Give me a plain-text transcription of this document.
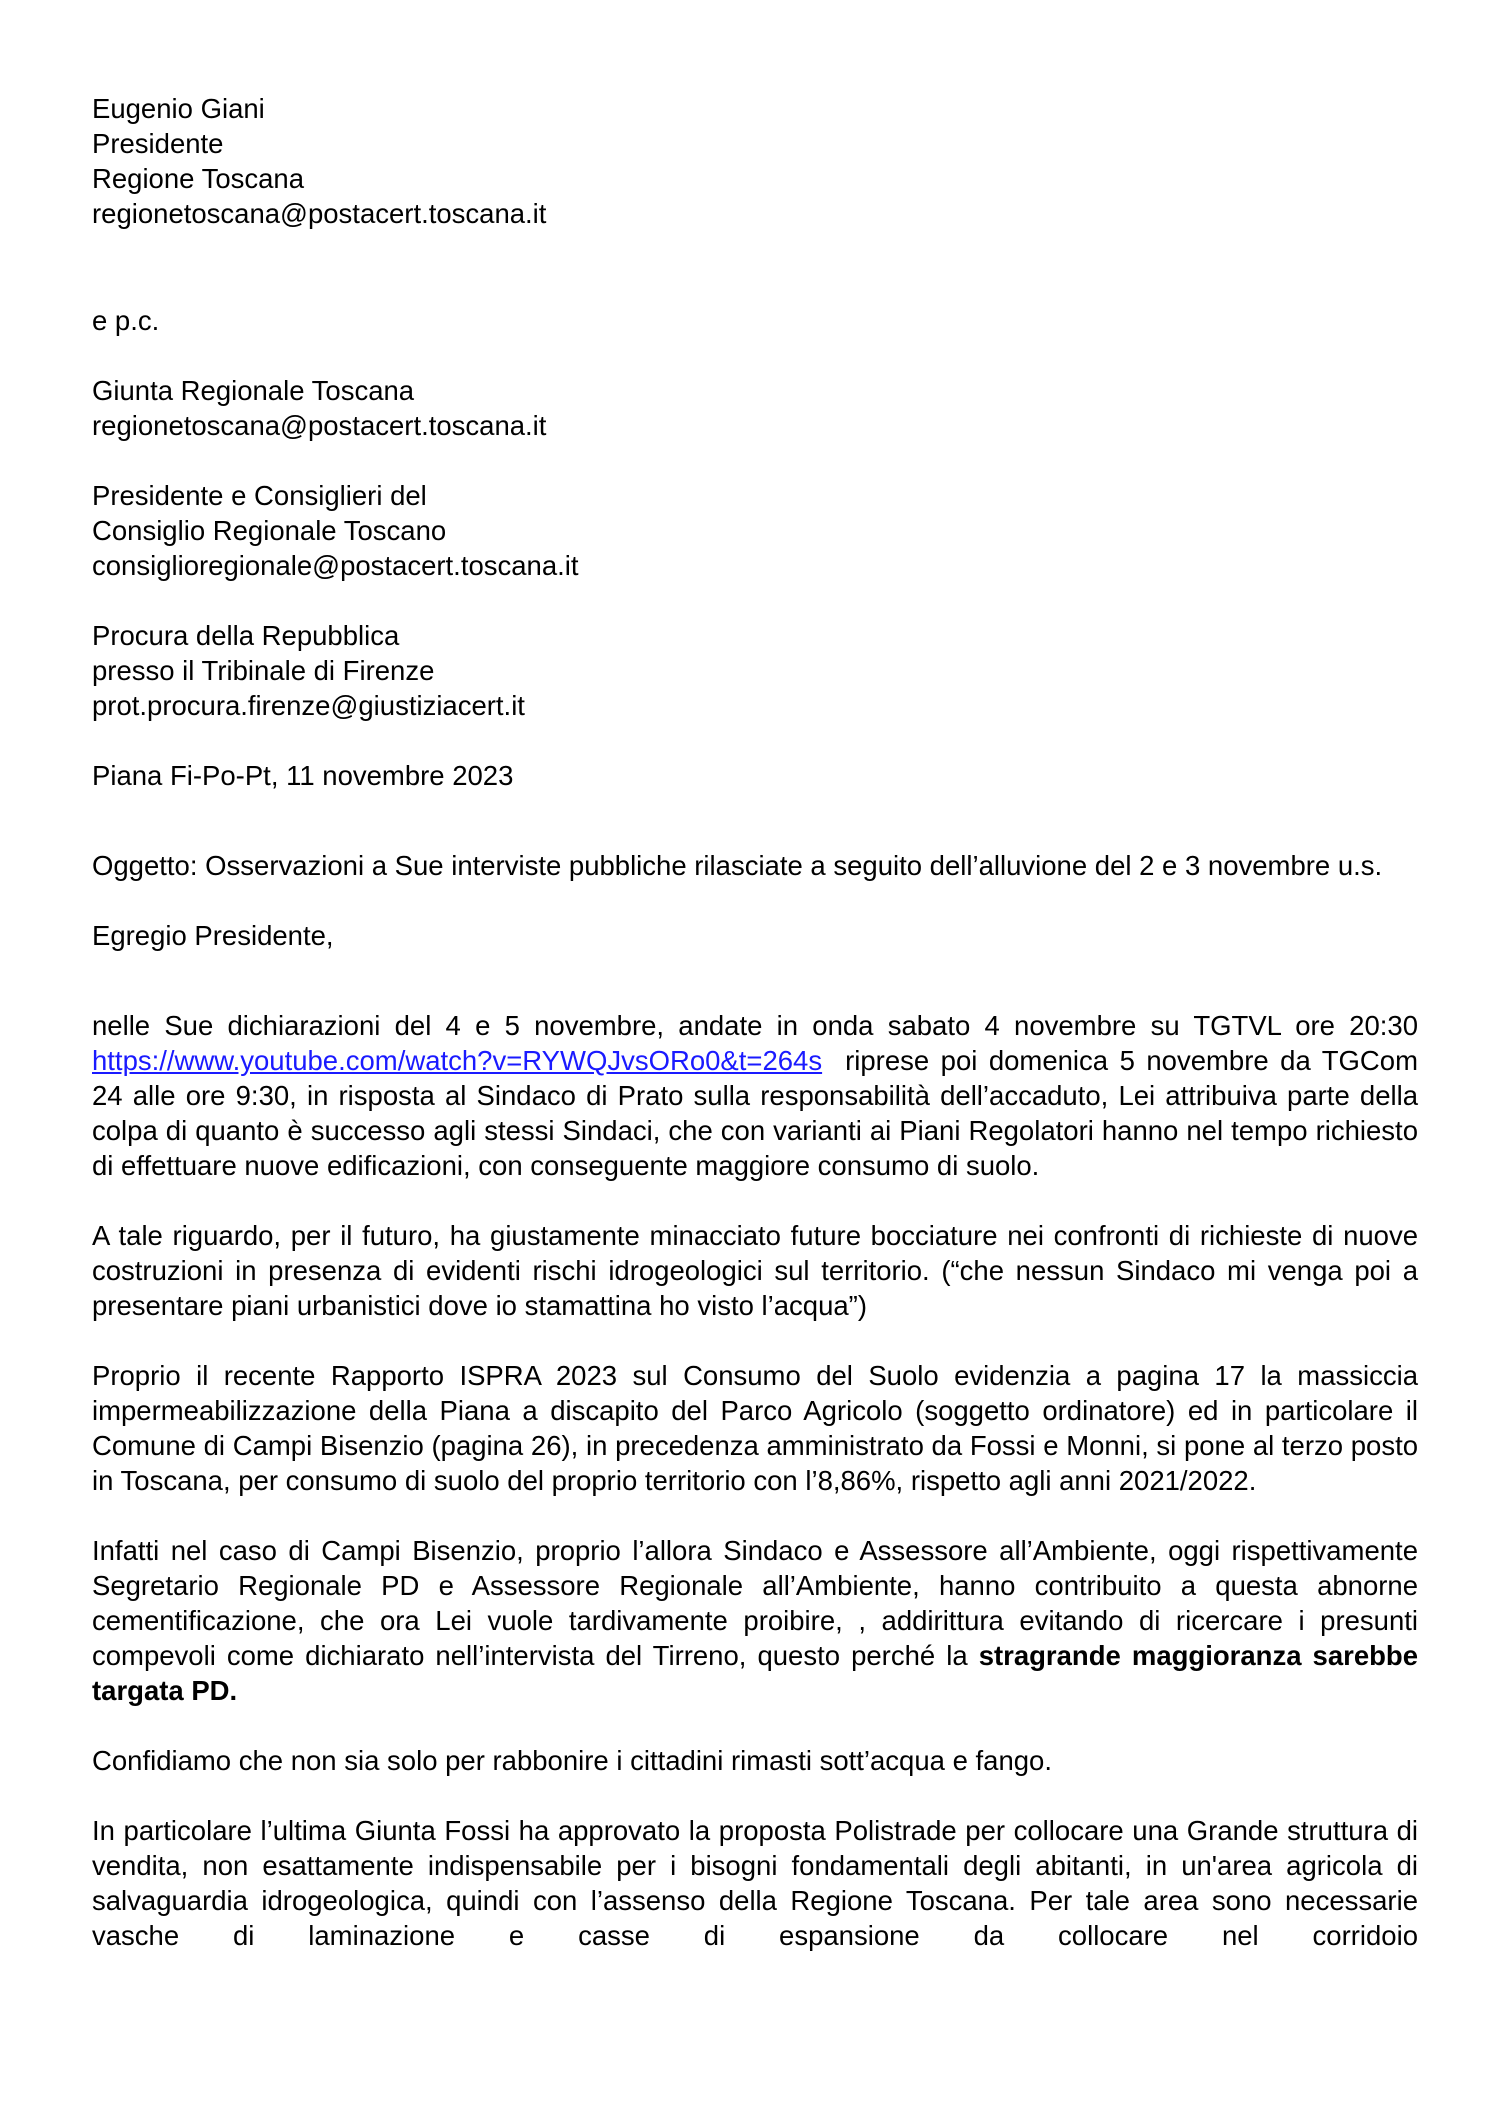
Eugenio Giani
Presidente
Regione Toscana
regionetoscana@postacert.toscana.it
e p.c.
Giunta Regionale Toscana
regionetoscana@postacert.toscana.it
Presidente e Consiglieri del
Consiglio Regionale Toscano
consiglioregionale@postacert.toscana.it
Procura della Repubblica
presso il Tribinale di Firenze
prot.procura.firenze@giustiziacert.it
Piana Fi-Po-Pt, 11 novembre 2023

Oggetto: Osservazioni a Sue interviste pubbliche rilasciate a seguito dell’alluvione del 2 e 3 novembre u.s.

Egregio Presidente,

nelle Sue dichiarazioni del 4 e 5 novembre, andate in onda sabato 4 novembre su TGTVL ore 20:30 https://www.youtube.com/watch?v=RYWQJvsORo0&t=264s riprese poi domenica 5 novembre da TGCom 24 alle ore 9:30, in risposta al Sindaco di Prato sulla responsabilità dell’accaduto, Lei attribuiva parte della colpa di quanto è successo agli stessi Sindaci, che con varianti ai Piani Regolatori hanno nel tempo richiesto di effettuare nuove edificazioni, con conseguente maggiore consumo di suolo.

A tale riguardo, per il futuro, ha giustamente minacciato future bocciature nei confronti di richieste di nuove costruzioni in presenza di evidenti rischi idrogeologici sul territorio. (“che nessun Sindaco mi venga poi a presentare piani urbanistici dove io stamattina ho visto l’acqua”)

Proprio il recente Rapporto ISPRA 2023 sul Consumo del Suolo evidenzia a pagina 17 la massiccia impermeabilizzazione della Piana a discapito del Parco Agricolo (soggetto ordinatore) ed in particolare il Comune di Campi Bisenzio (pagina 26), in precedenza amministrato da Fossi e Monni, si pone al terzo posto in Toscana, per consumo di suolo del proprio territorio con l’8,86%, rispetto agli anni 2021/2022.

Infatti nel caso di Campi Bisenzio, proprio l’allora Sindaco e Assessore all’Ambiente, oggi rispettivamente Segretario Regionale PD e Assessore Regionale all’Ambiente, hanno contribuito a questa abnorne cementificazione, che ora Lei vuole tardivamente proibire, , addirittura evitando di ricercare i presunti compevoli come dichiarato nell’intervista del Tirreno, questo perché la stragrande maggioranza sarebbe targata PD.

Confidiamo che non sia solo per rabbonire i cittadini rimasti sott’acqua e fango.

In particolare l’ultima Giunta Fossi ha approvato la proposta Polistrade per collocare una Grande struttura di vendita, non esattamente indispensabile per i bisogni fondamentali degli abitanti, in un'area agricola di salvaguardia idrogeologica, quindi con l’assenso della Regione Toscana. Per tale area sono necessarie vasche di laminazione e casse di espansione da collocare nel corridoio
